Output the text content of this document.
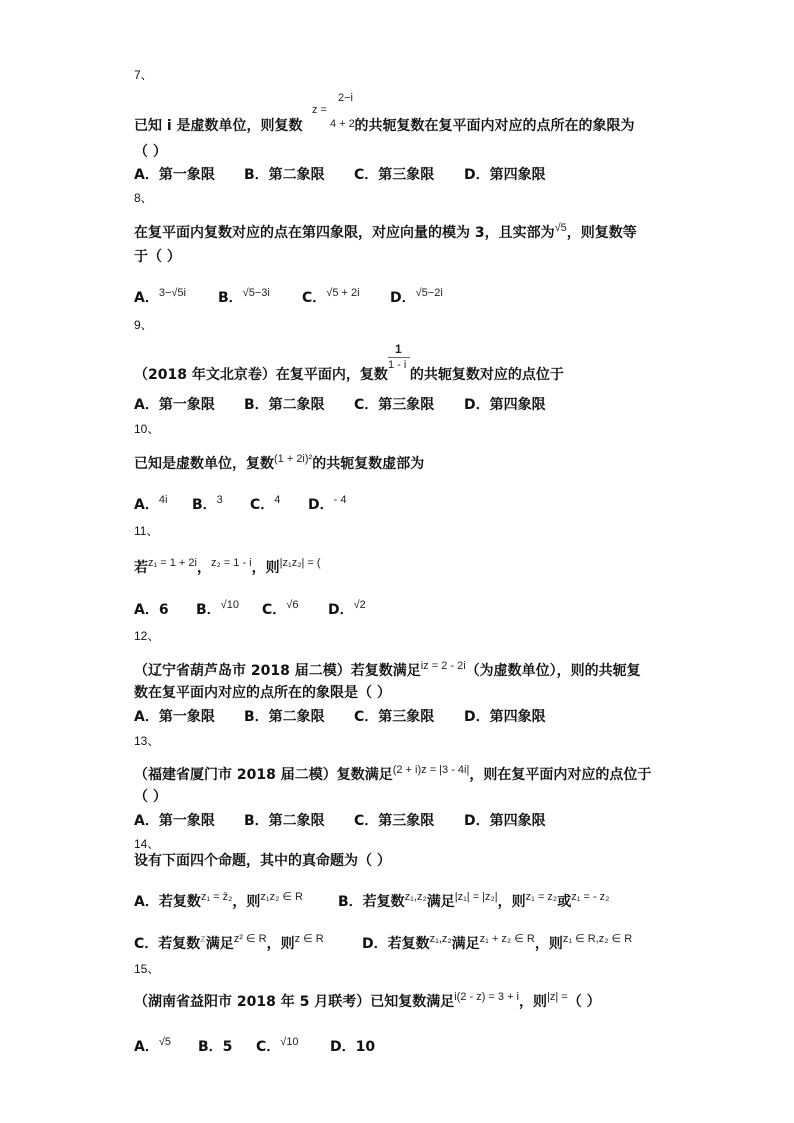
7、
2−i
z =
4 + 2i
已知 i 是虚数单位，则复数	的共轭复数在复平面内对应的点所在的象限为
（ ）
A．第一象限 B．第二象限 C．第三象限 D．第四象限
8、
在复平面内复数对应的点在第四象限，对应向量的模为 3，且实部为$^{√5}$，则复数等
于（ ）
A．$^{3-√5i}$ B．$^{√5-3i}$ C．$^{√5 + 2i}$ D．$^{√5-2i}$
9、
1
1 - i
（2018 年文北京卷）在复平面内，复数 的共轭复数对应的点位于
A．第一象限 B．第二象限 C．第三象限 D．第四象限
10、
已知是虚数单位，复数$^{(1 + 2i)^2}$的共轭复数虚部为
A．$^{4i}$ B．$^3$ C．$^4$ D．$^{- 4}$
11、
若$^{z_1 = 1 + 2i}$，$^{z_2 = 1 - i}$，则$^{|z_1z_2| = (}$
A．6 B．$^{√10}$ C．$^{√6}$ D．$^{√2}$
12、
（辽宁省葫芦岛市 2018 届二模）若复数满足$^{iz = 2 - 2i}$（为虚数单位），则的共轭复
数在复平面内对应的点所在的象限是（ ）
A．第一象限 B．第二象限 C．第三象限 D．第四象限
13、
（福建省厦门市 2018 届二模）复数满足$^{(2 + i)z = |3 - 4i|}$，则在复平面内对应的点位于
（ ）
A．第一象限 B．第二象限 C．第三象限 D．第四象限
14、
设有下面四个命题，其中的真命题为（ ）
A．若复数$^{z_1 = z̄_2}$，则$^{z_1z_2 \in R}$	B．若复数$^{z_1,z_2}$满足$^{|z_1| = |z_2|}$，则$^{z_1 = z_2}$或$^{z_1 = - z_2}$
C．若复数$^z$满足$^{z^2 \in R}$，则$^{z \in R}$	D．若复数$^{z_1,z_2}$满足$^{z_1 + z_2 \in R}$，则$^{z_1 \in R,z_2 \in R}$
15、
（湖南省益阳市 2018 年 5 月联考）已知复数满足$^{i(2 - z) = 3 + i}$，则$^{|z| =}$（ ）
A．$^{√5}$ B．5 C．$^{√10}$ D．10
